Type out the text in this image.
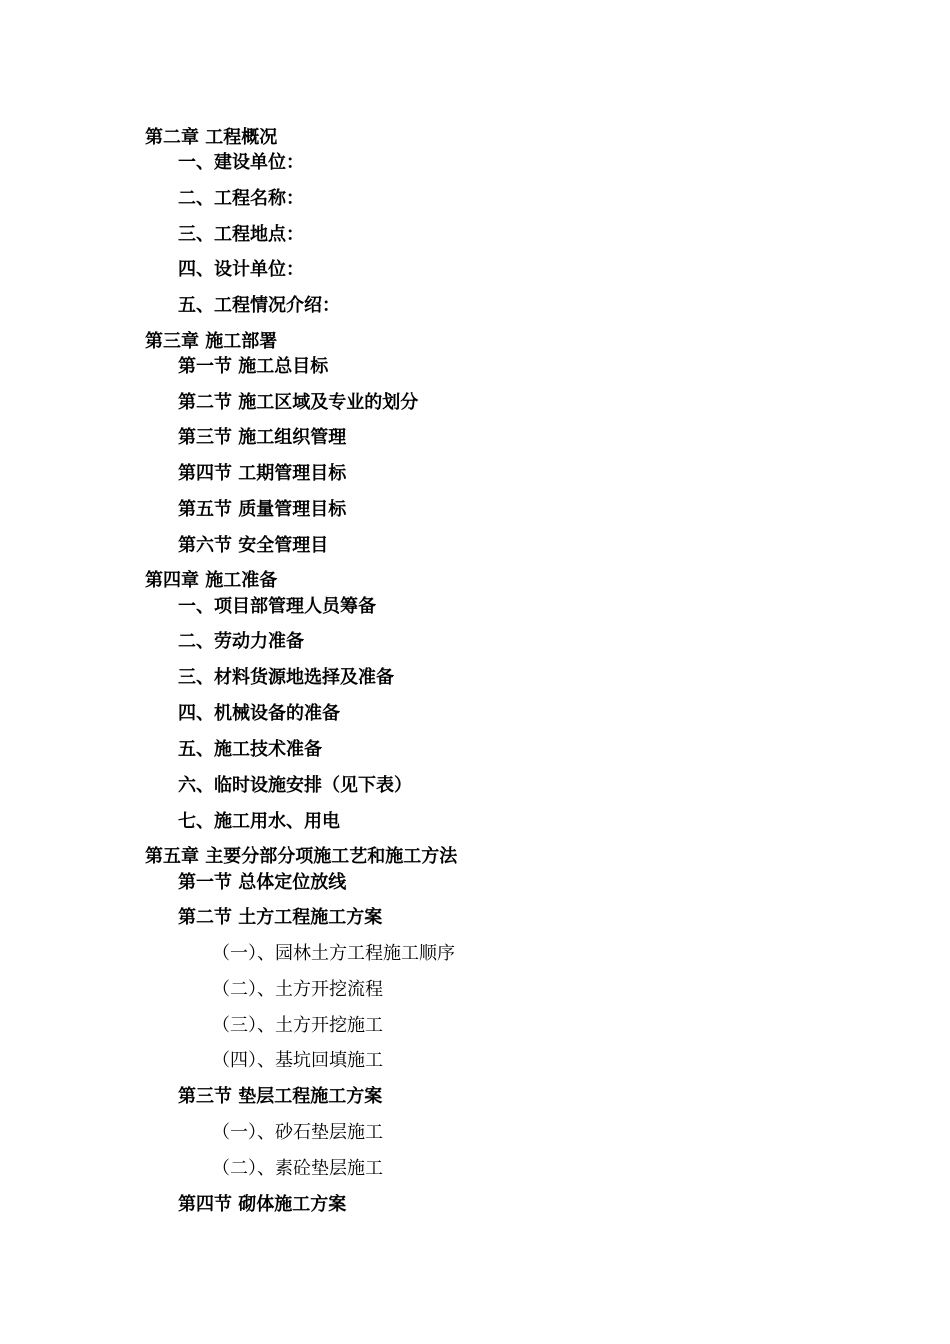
第二章 工程概况
一、建设单位：
二、工程名称：
三、工程地点：
四、设计单位：
五、工程情况介绍：
第三章 施工部署
第一节 施工总目标
第二节 施工区域及专业的划分
第三节 施工组织管理
第四节 工期管理目标
第五节 质量管理目标
第六节 安全管理目
第四章 施工准备
一、项目部管理人员筹备
二、劳动力准备
三、材料货源地选择及准备
四、机械设备的准备
五、施工技术准备
六、临时设施安排（见下表）
七、施工用水、用电
第五章 主要分部分项施工艺和施工方法
第一节 总体定位放线
第二节 土方工程施工方案
（一）、园林土方工程施工顺序
（二）、土方开挖流程
（三）、土方开挖施工
（四）、基坑回填施工
第三节 垫层工程施工方案
（一）、砂石垫层施工
（二）、素砼垫层施工
第四节 砌体施工方案
